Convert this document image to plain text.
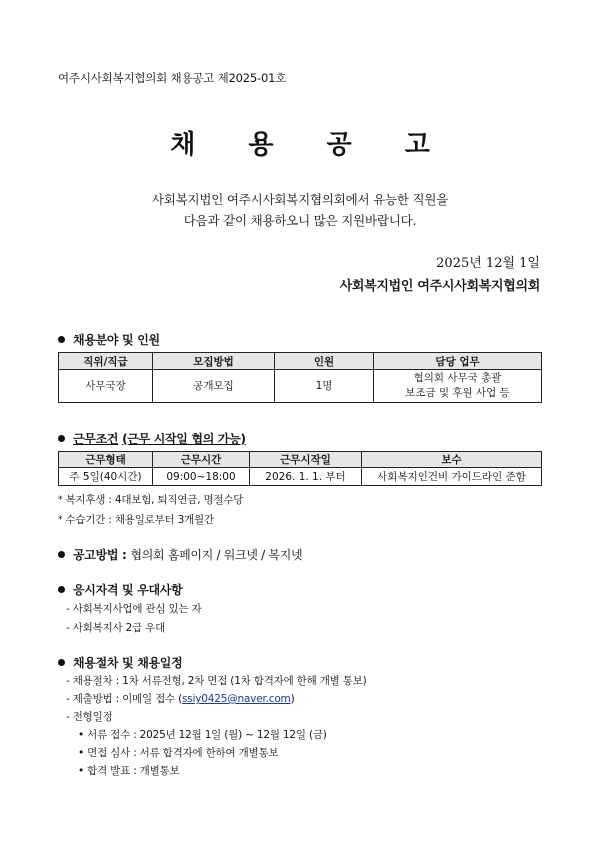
여주시사회복지협의회 채용공고 제2025-01호
채 용 공 고
사회복지법인 여주시사회복지협의회에서 유능한 직원을
다음과 같이 채용하오니 많은 지원바랍니다.
2025년 12월 1일
사회복지법인 여주시사회복지협의회
채용분야 및 인원
직위/직급	모집방법	인원	담당 업무
사무국장	공개모집	1명	협의회 사무국 총괄
보조금 및 후원 사업 등
근무조건 (근무 시작일 협의 가능)
근무형태	근무시간	근무시작일	보수
주 5일(40시간)	09:00~18:00	2026. 1. 1. 부터	사회복지인건비 가이드라인 준함
* 복지후생 : 4대보험, 퇴직연금, 명절수당
* 수습기간 : 채용일로부터 3개월간
공고방법 : 협의회 홈페이지 / 워크넷 / 복지넷
응시자격 및 우대사항
- 사회복지사업에 관심 있는 자
- 사회복지사 2급 우대
채용절차 및 채용일정
- 채용절차 : 1차 서류전형, 2차 면접 (1차 합격자에 한해 개별 통보)
- 제출방법 : 이메일 접수 (ssiy0425@naver.com)
- 전형일정
• 서류 접수 : 2025년 12월 1일 (월) ~ 12월 12일 (금)
• 면접 심사 : 서류 합격자에 한하여 개별통보
• 합격 발표 : 개별통보
